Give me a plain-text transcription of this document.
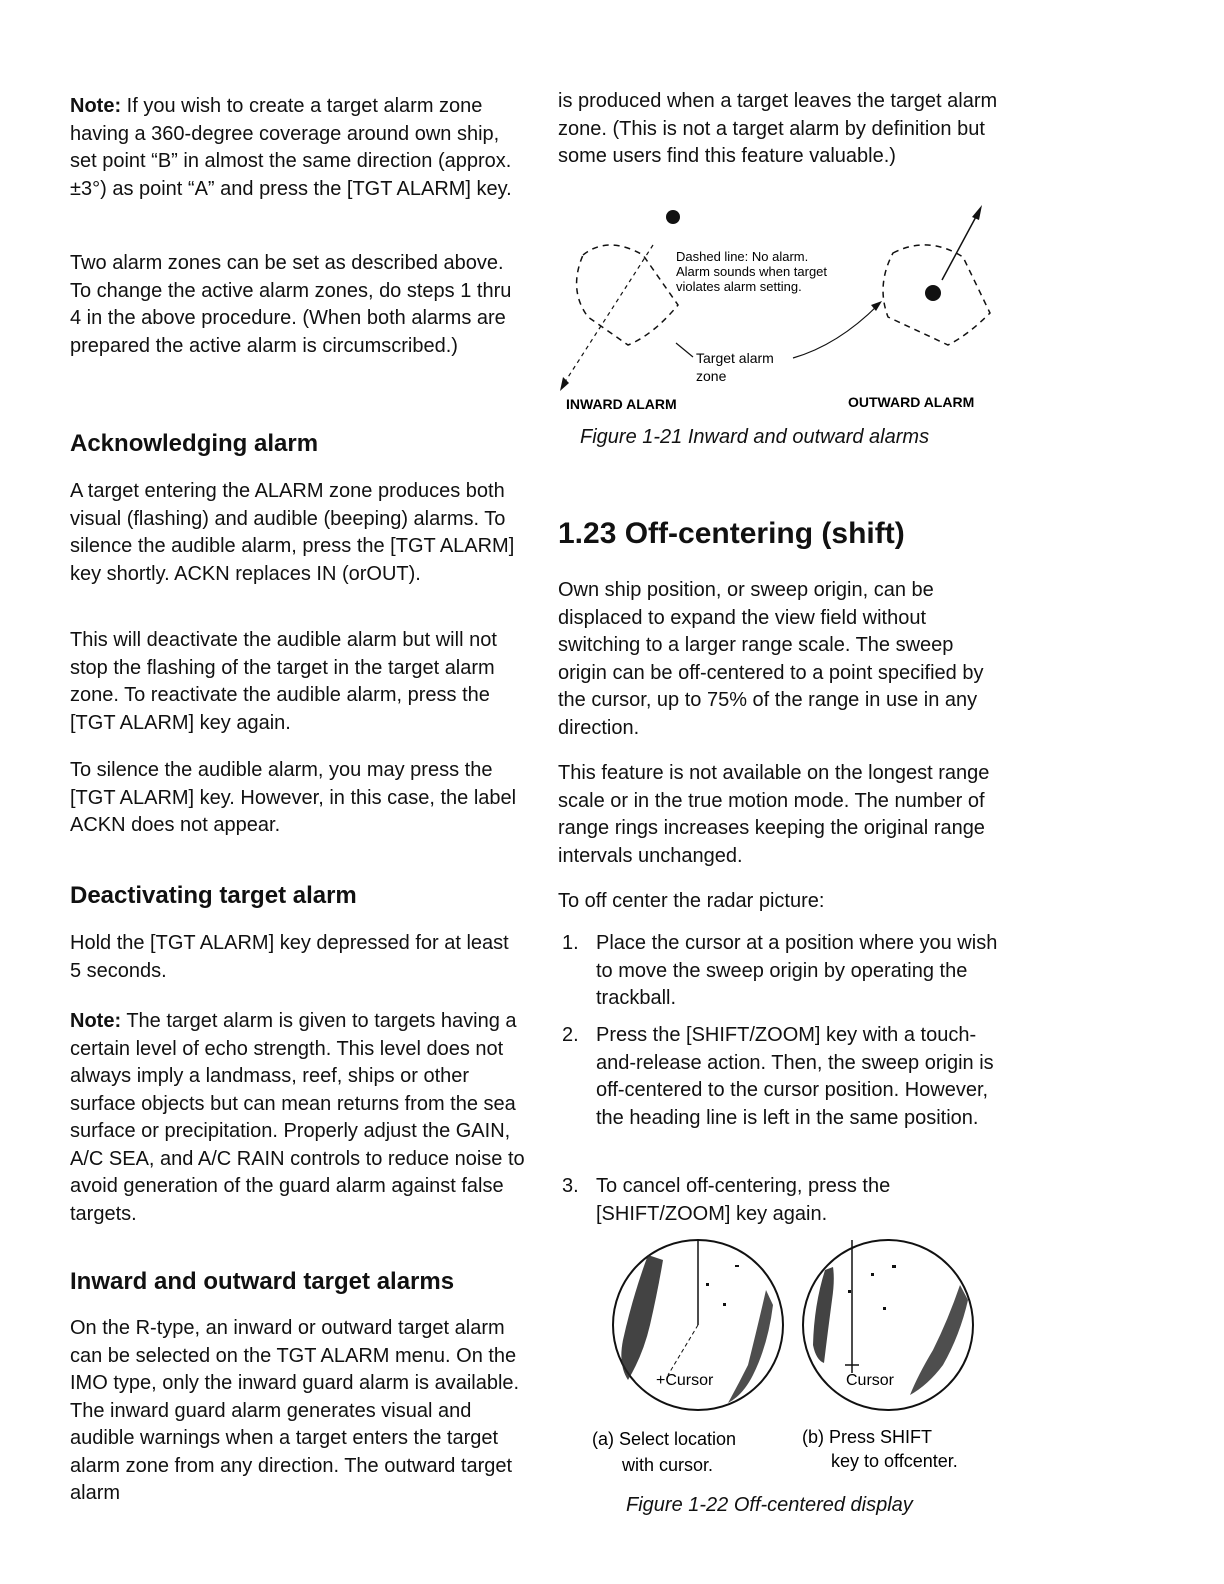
Note: If you wish to create a target alarm zone having a 360-degree coverage around own ship, set point “B” in almost the same direction (approx. ±3°) as point “A” and press the [TGT ALARM] key.

Two alarm zones can be set as described above. To change the active alarm zones, do steps 1 thru 4 in the above procedure. (When both alarms are prepared the active alarm is circumscribed.)

Acknowledging alarm

A target entering the ALARM zone produces both visual (flashing) and audible (beeping) alarms. To silence the audible alarm, press the [TGT ALARM] key shortly. ACKN replaces IN (orOUT).

This will deactivate the audible alarm but will not stop the flashing of the target in the target alarm zone. To reactivate the audible alarm, press the [TGT ALARM] key again.

To silence the audible alarm, you may press the [TGT ALARM] key. However, in this case, the label ACKN does not appear.

Deactivating target alarm

Hold the [TGT ALARM] key depressed for at least 5 seconds.

Note: The target alarm is given to targets having a certain level of echo strength. This level does not always imply a landmass, reef, ships or other surface objects but can mean returns from the sea surface or precipitation. Properly adjust the GAIN, A/C SEA, and A/C RAIN controls to reduce noise to avoid generation of the guard alarm against false targets.

Inward and outward target alarms

On the R-type, an inward or outward target alarm can be selected on the TGT ALARM menu. On the IMO type, only the inward guard alarm is available. The inward guard alarm generates visual and audible warnings when a target enters the target alarm zone from any direction. The outward target alarm

is produced when a target leaves the target alarm zone. (This is not a target alarm by definition but some users find this feature valuable.)

Dashed line: No alarm.
Alarm sounds when target
violates alarm setting.
Target alarm
zone
INWARD ALARM	OUTWARD ALARM
Figure 1-21 Inward and outward alarms
1.23 Off-centering (shift)

Own ship position, or sweep origin, can be displaced to expand the view field without switching to a larger range scale. The sweep origin can be off-centered to a point specified by the cursor, up to 75% of the range in use in any direction.

This feature is not available on the longest range scale or in the true motion mode. The number of range rings increases keeping the original range intervals unchanged.

To off center the radar picture:

1. Place the cursor at a position where you wish to move the sweep origin by operating the trackball.
2. Press the [SHIFT/ZOOM] key with a touch-and-release action. Then, the sweep origin is off-centered to the cursor position. However, the heading line is left in the same position.
3. To cancel off-centering, press the [SHIFT/ZOOM] key again.
+Cursor	Cursor
(a) Select location
with cursor.
(b) Press SHIFT
key to offcenter.
Figure 1-22 Off-centered display
